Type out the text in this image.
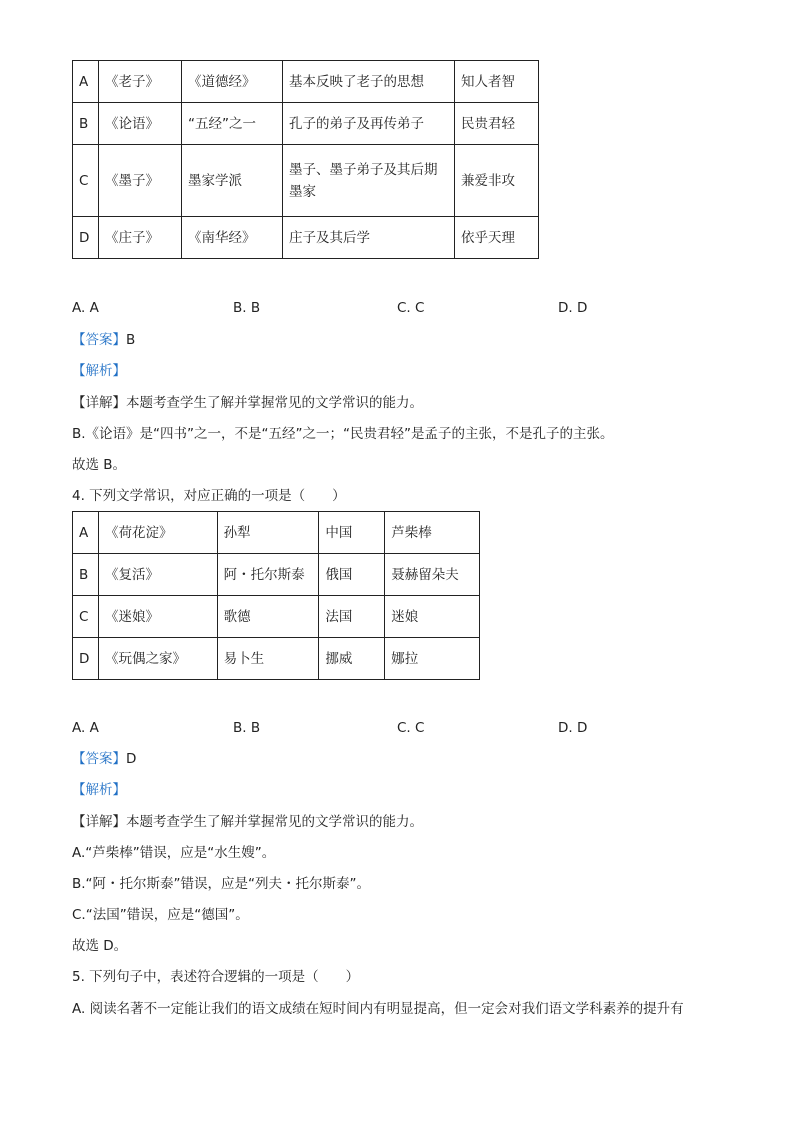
A	《老子》	《道德经》	基本反映了老子的思想	知人者智
B	《论语》	“五经”之一	孔子的弟子及再传弟子	民贵君轻
C	《墨子》	墨家学派	墨子、墨子弟子及其后期墨家	兼爱非攻
D	《庄子》	《南华经》	庄子及其后学	依乎天理
A. A	B. B	C. C	D. D
【答案】B
【解析】
【详解】本题考查学生了解并掌握常见的文学常识的能力。
B.《论语》是“四书”之一，不是“五经”之一；“民贵君轻”是孟子的主张，不是孔子的主张。
故选 B。
4. 下列文学常识，对应正确的一项是（　　）
A	《荷花淀》	孙犁	中国	芦柴棒
B	《复活》	阿・托尔斯泰	俄国	聂赫留朵夫
C	《迷娘》	歌德	法国	迷娘
D	《玩偶之家》	易卜生	挪威	娜拉
A. A	B. B	C. C	D. D
【答案】D
【解析】
【详解】本题考查学生了解并掌握常见的文学常识的能力。
A.“芦柴棒”错误，应是“水生嫂”。
B.“阿・托尔斯泰”错误，应是“列夫・托尔斯泰”。
C.“法国”错误，应是“德国”。
故选 D。
5. 下列句子中，表述符合逻辑的一项是（　　）
A. 阅读名著不一定能让我们的语文成绩在短时间内有明显提高，但一定会对我们语文学科素养的提升有
